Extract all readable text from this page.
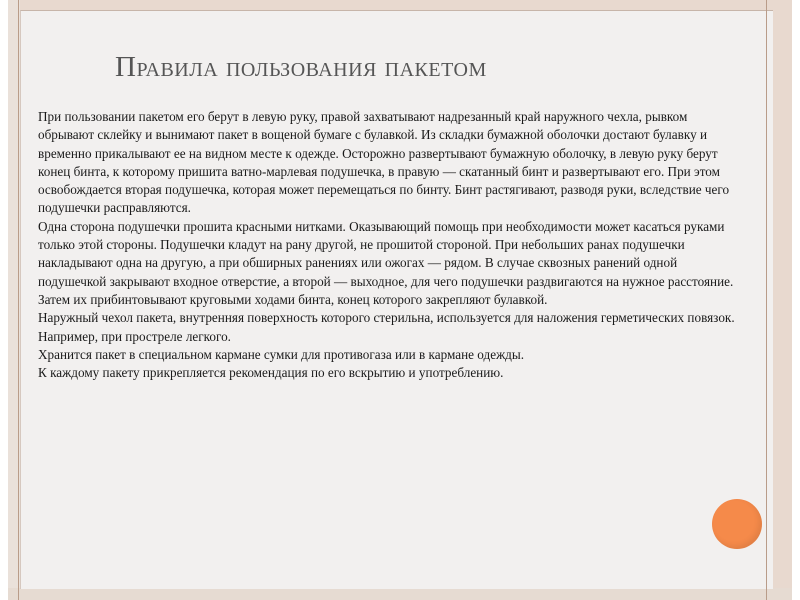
Правила пользования пакетом

При пользовании пакетом его берут в левую руку, правой захватывают надрезанный край наружного чехла, рывком обрывают склейку и вынимают пакет в вощеной бумаге с булавкой. Из складки бумажной оболочки достают булавку и временно прикалывают ее на видном месте к одежде. Осторожно развертывают бумажную оболочку, в левую руку берут конец бинта, к которому пришита ватно-марлевая подушечка, в правую — скатанный бинт и развертывают его. При этом освобождается вторая подушечка, которая может перемещаться по бинту. Бинт растягивают, разводя руки, вследствие чего подушечки расправляются.

Одна сторона подушечки прошита красными нитками. Оказывающий помощь при необходимости может касаться руками только этой стороны. Подушечки кладут на рану другой, не прошитой стороной. При небольших ранах подушечки накладывают одна на другую, а при обширных ранениях или ожогах — рядом. В случае сквозных ранений одной подушечкой закрывают входное отверстие, а второй — выходное, для чего подушечки раздвигаются на нужное расстояние. Затем их прибинтовывают круговыми ходами бинта, конец которого закрепляют булавкой.

Наружный чехол пакета, внутренняя поверхность которого стерильна, используется для наложения герметических повязок. Например, при простреле легкого.

Хранится пакет в специальном кармане сумки для противогаза или в кармане одежды.

К каждому пакету прикрепляется рекомендация по его вскрытию и употреблению.
